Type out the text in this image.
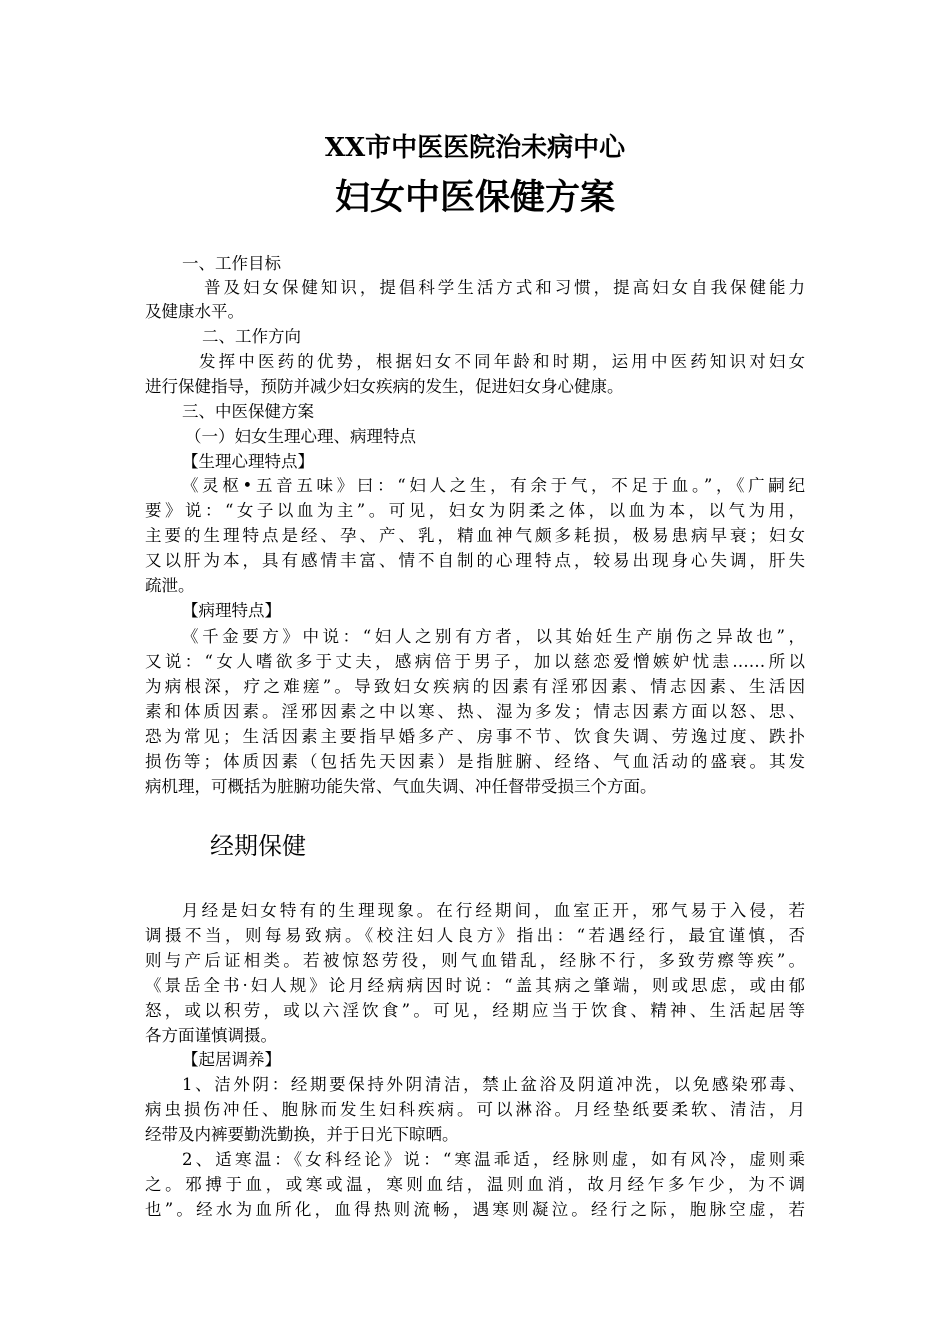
XX市中医医院治未病中心
妇女中医保健方案
一、工作目标
普及妇女保健知识，提倡科学生活方式和习惯，提高妇女自我保健能力
及健康水平。
二、工作方向
发挥中医药的优势，根据妇女不同年龄和时期，运用中医药知识对妇女
进行保健指导，预防并减少妇女疾病的发生，促进妇女身心健康。
三、中医保健方案
（一）妇女生理心理、病理特点
【生理心理特点】
《灵枢•五音五味》曰：“妇人之生，有余于气，不足于血。”，《广嗣纪
要》说：“女子以血为主”。可见，妇女为阴柔之体，以血为本，以气为用，
主要的生理特点是经、孕、产、乳，精血神气颇多耗损，极易患病早衰；妇女
又以肝为本，具有感情丰富、情不自制的心理特点，较易出现身心失调，肝失
疏泄。
【病理特点】
《千金要方》中说：“妇人之别有方者，以其始妊生产崩伤之异故也”，
又说：“女人嗜欲多于丈夫，感病倍于男子，加以慈恋爱憎嫉妒忧恚……所以
为病根深，疗之难瘥”。导致妇女疾病的因素有淫邪因素、情志因素、生活因
素和体质因素。淫邪因素之中以寒、热、湿为多发；情志因素方面以怒、思、
恐为常见；生活因素主要指早婚多产、房事不节、饮食失调、劳逸过度、跌扑
损伤等；体质因素（包括先天因素）是指脏腑、经络、气血活动的盛衰。其发
病机理，可概括为脏腑功能失常、气血失调、冲任督带受损三个方面。
经期保健
月经是妇女特有的生理现象。在行经期间，血室正开，邪气易于入侵，若
调摄不当，则每易致病。《校注妇人良方》指出：“若遇经行，最宜谨慎，否
则与产后证相类。若被惊怒劳役，则气血错乱，经脉不行，多致劳瘵等疾”。
《景岳全书·妇人规》论月经病病因时说：“盖其病之肇端，则或思虑，或由郁
怒，或以积劳，或以六淫饮食”。可见，经期应当于饮食、精神、生活起居等
各方面谨慎调摄。
【起居调养】
1、洁外阴：经期要保持外阴清洁，禁止盆浴及阴道冲洗，以免感染邪毒、
病虫损伤冲任、胞脉而发生妇科疾病。可以淋浴。月经垫纸要柔软、清洁，月
经带及内裤要勤洗勤换，并于日光下晾晒。
2、适寒温：《女科经论》说：“寒温乖适，经脉则虚，如有风冷，虚则乘
之。邪搏于血，或寒或温，寒则血结，温则血消，故月经乍多乍少，为不调
也”。经水为血所化，血得热则流畅，遇寒则凝泣。经行之际，胞脉空虚，若
